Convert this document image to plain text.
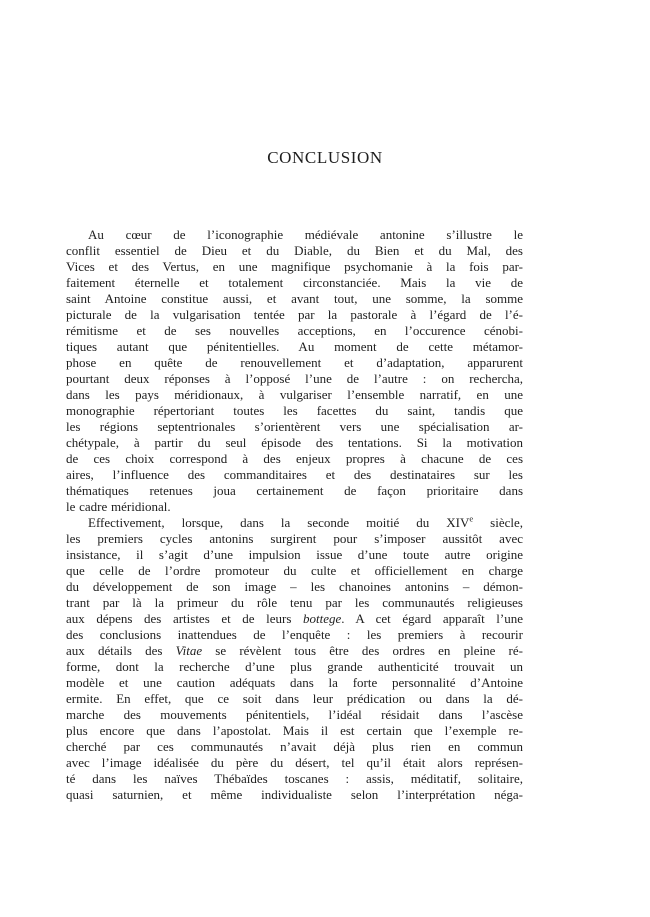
CONCLUSION
Au cœur de l’iconographie médiévale antonine s’illustre le
conflit essentiel de Dieu et du Diable, du Bien et du Mal, des
Vices et des Vertus, en une magnifique psychomanie à la fois par-
faitement éternelle et totalement circonstanciée. Mais la vie de
saint Antoine constitue aussi, et avant tout, une somme, la somme
picturale de la vulgarisation tentée par la pastorale à l’égard de l’é-
rémitisme et de ses nouvelles acceptions, en l’occurence cénobi-
tiques autant que pénitentielles. Au moment de cette métamor-
phose en quête de renouvellement et d’adaptation, apparurent
pourtant deux réponses à l’opposé l’une de l’autre : on rechercha,
dans les pays méridionaux, à vulgariser l’ensemble narratif, en une
monographie répertoriant toutes les facettes du saint, tandis que
les régions septentrionales s’orientèrent vers une spécialisation ar-
chétypale, à partir du seul épisode des tentations. Si la motivation
de ces choix correspond à des enjeux propres à chacune de ces
aires, l’influence des commanditaires et des destinataires sur les
thématiques retenues joua certainement de façon prioritaire dans
le cadre méridional.
Effectivement, lorsque, dans la seconde moitié du XIVe siècle,
les premiers cycles antonins surgirent pour s’imposer aussitôt avec
insistance, il s’agit d’une impulsion issue d’une toute autre origine
que celle de l’ordre promoteur du culte et officiellement en charge
du développement de son image – les chanoines antonins – démon-
trant par là la primeur du rôle tenu par les communautés religieuses
aux dépens des artistes et de leurs bottege. A cet égard apparaît l’une
des conclusions inattendues de l’enquête : les premiers à recourir
aux détails des Vitae se révèlent tous être des ordres en pleine ré-
forme, dont la recherche d’une plus grande authenticité trouvait un
modèle et une caution adéquats dans la forte personnalité d’Antoine
ermite. En effet, que ce soit dans leur prédication ou dans la dé-
marche des mouvements pénitentiels, l’idéal résidait dans l’ascèse
plus encore que dans l’apostolat. Mais il est certain que l’exemple re-
cherché par ces communautés n’avait déjà plus rien en commun
avec l’image idéalisée du père du désert, tel qu’il était alors représen-
té dans les naïves Thébaïdes toscanes : assis, méditatif, solitaire,
quasi saturnien, et même individualiste selon l’interprétation néga-
